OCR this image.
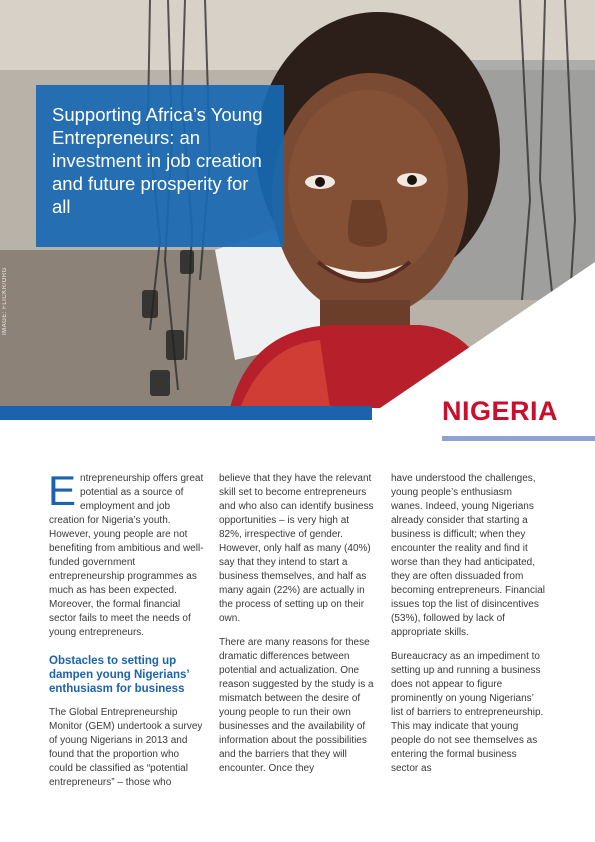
IMAGE: FLICKR/ORG
Supporting Africa’s Young Entrepreneurs: an investment in job creation and future prosperity for all
NIGERIA

Entrepreneurship offers great potential as a source of employment and job creation for Nigeria’s youth. However, young people are not benefiting from ambitious and well-funded government entrepreneurship programmes as much as has been expected. Moreover, the formal financial sector fails to meet the needs of young entrepreneurs.

Obstacles to setting up dampen young Nigerians’ enthusiasm for business

The Global Entrepreneurship Monitor (GEM) undertook a survey of young Nigerians in 2013 and found that the proportion who could be classified as “potential entrepreneurs” – those who

believe that they have the relevant skill set to become entrepreneurs and who also can identify business opportunities – is very high at 82%, irrespective of gender. However, only half as many (40%) say that they intend to start a business themselves, and half as many again (22%) are actually in the process of setting up on their own.

There are many reasons for these dramatic differences between potential and actualization. One reason suggested by the study is a mismatch between the desire of young people to run their own businesses and the availability of information about the possibilities and the barriers that they will encounter. Once they

have understood the challenges, young people’s enthusiasm wanes. Indeed, young Nigerians already consider that starting a business is difficult; when they encounter the reality and find it worse than they had anticipated, they are often dissuaded from becoming entrepreneurs. Financial issues top the list of disincentives (53%), followed by lack of appropriate skills.

Bureaucracy as an impediment to setting up and running a business does not appear to figure prominently on young Nigerians’ list of barriers to entrepreneurship. This may indicate that young people do not see themselves as entering the formal business sector as
